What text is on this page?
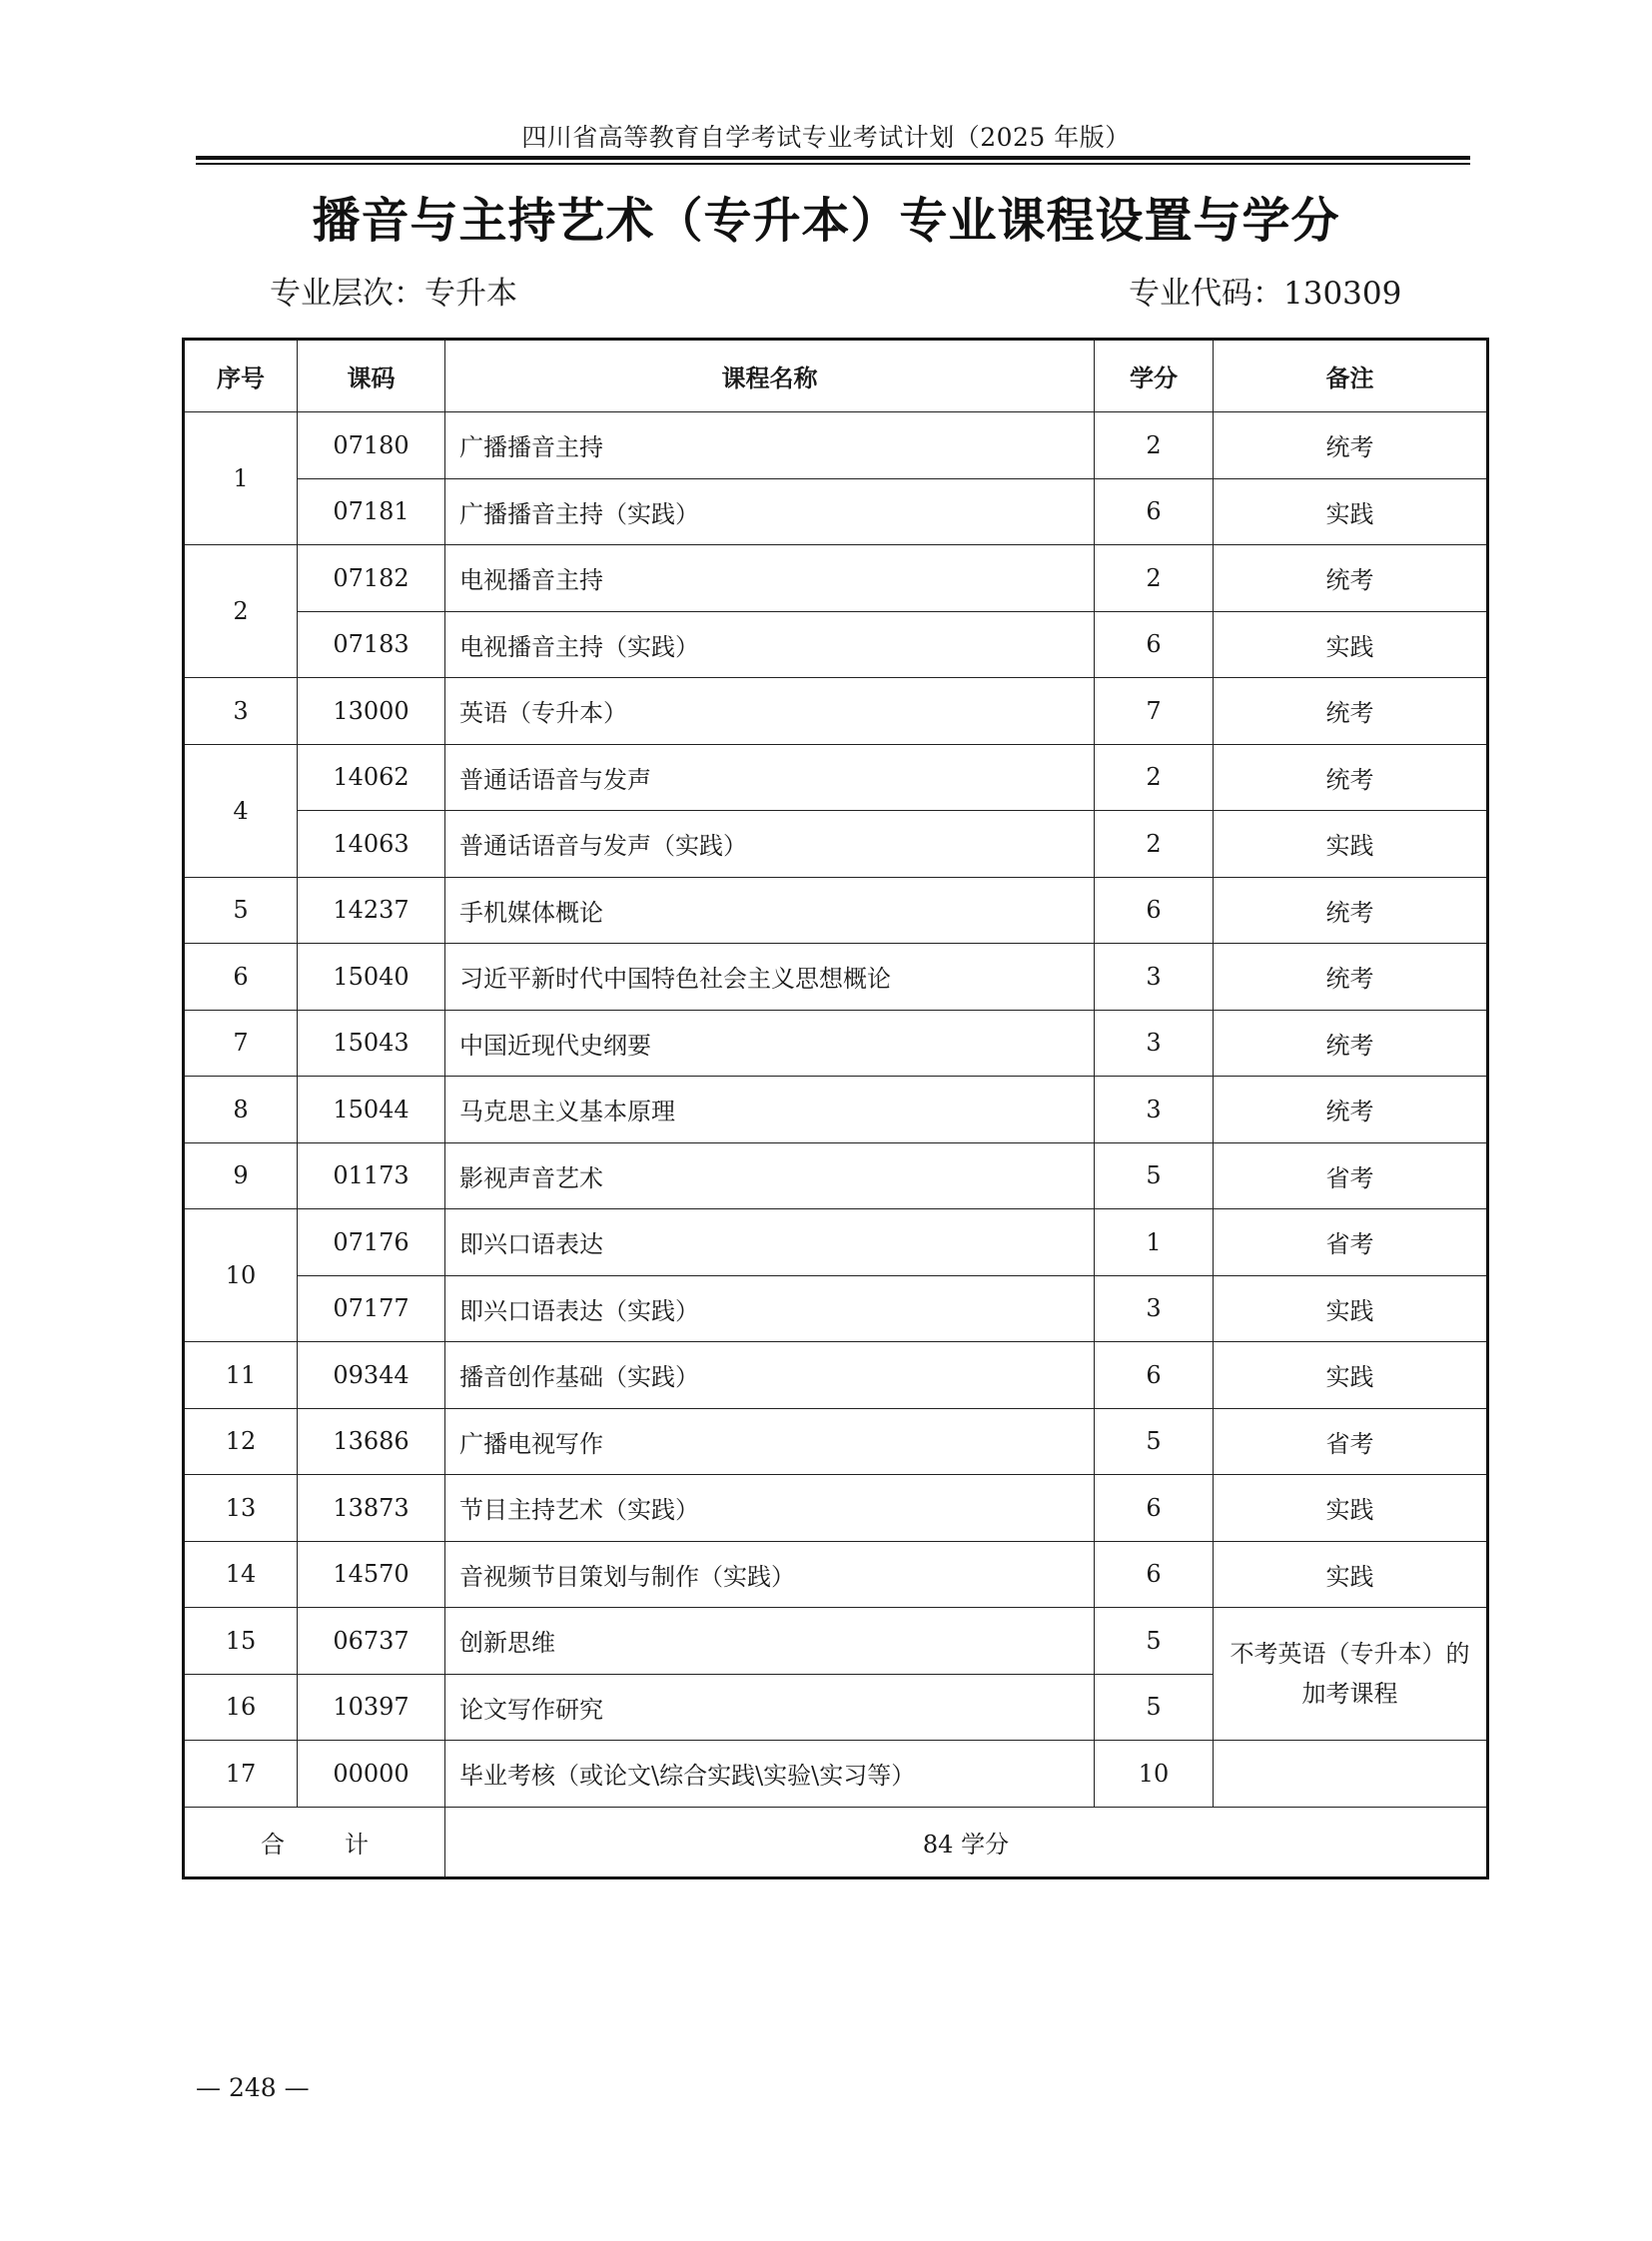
四川省高等教育自学考试专业考试计划（2025 年版）
播音与主持艺术（专升本）专业课程设置与学分
专业层次：专升本	专业代码：130309
序号	课码	课程名称	学分	备注
1	07180	广播播音主持	2	统考
	07181	广播播音主持（实践）	6	实践
2	07182	电视播音主持	2	统考
	07183	电视播音主持（实践）	6	实践
3	13000	英语（专升本）	7	统考
4	14062	普通话语音与发声	2	统考
	14063	普通话语音与发声（实践）	2	实践
5	14237	手机媒体概论	6	统考
6	15040	习近平新时代中国特色社会主义思想概论	3	统考
7	15043	中国近现代史纲要	3	统考
8	15044	马克思主义基本原理	3	统考
9	01173	影视声音艺术	5	省考
10	07176	即兴口语表达	1	省考
	07177	即兴口语表达（实践）	3	实践
11	09344	播音创作基础（实践）	6	实践
12	13686	广播电视写作	5	省考
13	13873	节目主持艺术（实践）	6	实践
14	14570	音视频节目策划与制作（实践）	6	实践
15	06737	创新思维	5	不考英语（专升本）的
加考课程

16	10397	论文写作研究	5	
17	00000	毕业考核（或论文\综合实践\实验\实习等）	10	
合计		84 学分		
— 248 —
